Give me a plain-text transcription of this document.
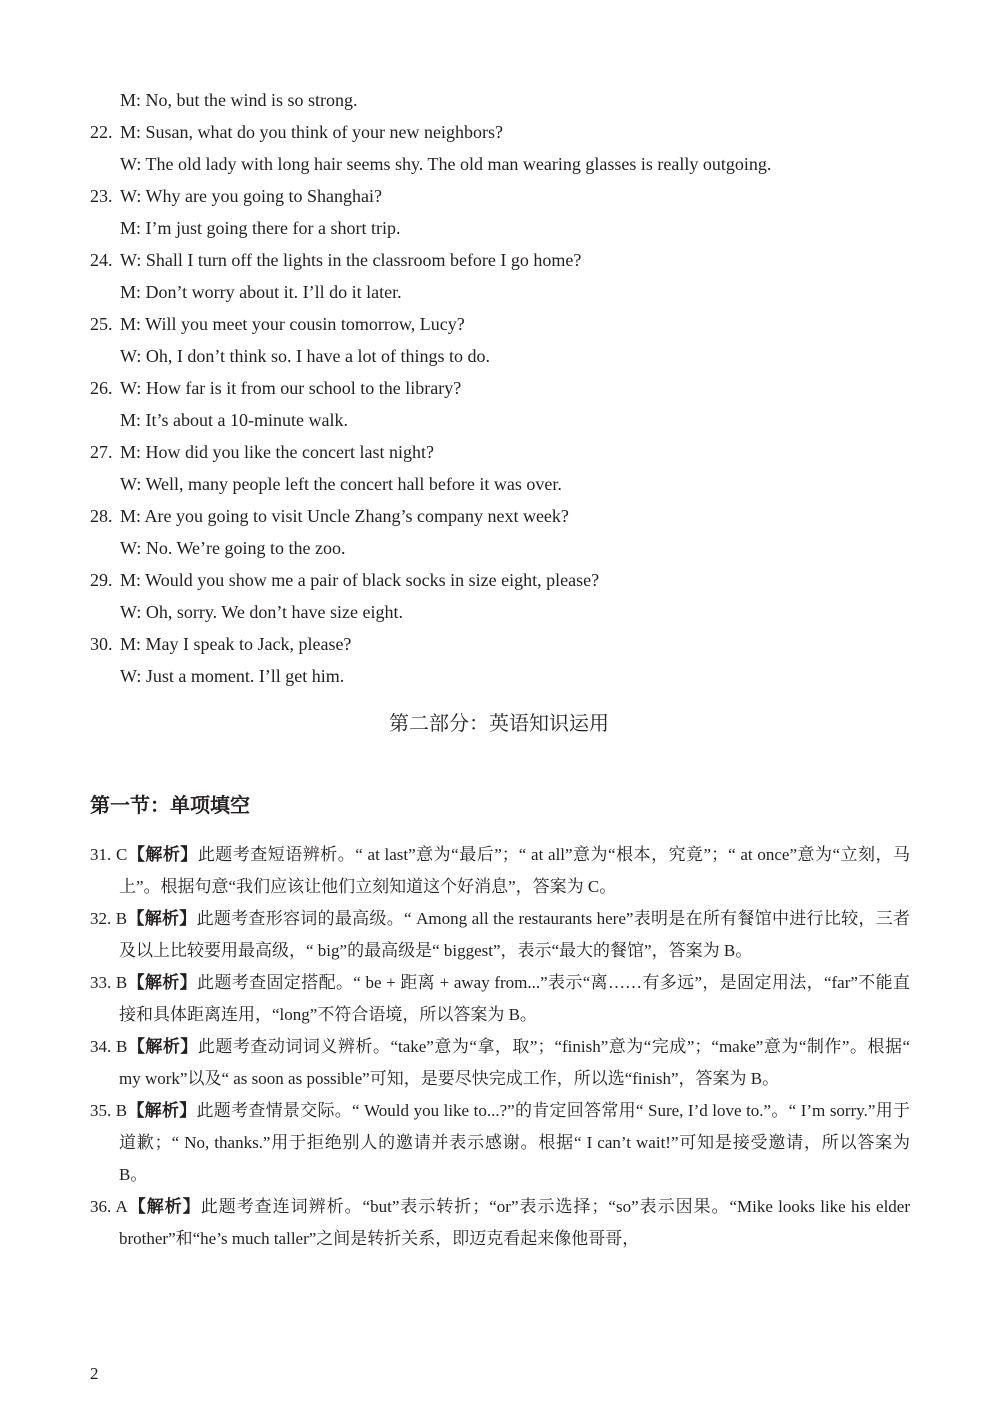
M: No, but the wind is so strong.
22. M: Susan, what do you think of your new neighbors?
W: The old lady with long hair seems shy. The old man wearing glasses is really outgoing.
23. W: Why are you going to Shanghai?
M: I’m just going there for a short trip.
24. W: Shall I turn off the lights in the classroom before I go home?
M: Don’t worry about it. I’ll do it later.
25. M: Will you meet your cousin tomorrow, Lucy?
W: Oh, I don’t think so. I have a lot of things to do.
26. W: How far is it from our school to the library?
M: It’s about a 10-minute walk.
27. M: How did you like the concert last night?
W: Well, many people left the concert hall before it was over.
28. M: Are you going to visit Uncle Zhang’s company next week?
W: No. We’re going to the zoo.
29. M: Would you show me a pair of black socks in size eight, please?
W: Oh, sorry. We don’t have size eight.
30. M: May I speak to Jack, please?
W: Just a moment. I’ll get him.
第二部分：英语知识运用
第一节：单项填空

31. C【解析】此题考查短语辨析。“ at last”意为“最后”；“ at all”意为“根本，究竟”；“ at once”意为“立刻，马上”。根据句意“我们应该让他们立刻知道这个好消息”，答案为 C。

32. B【解析】此题考查形容词的最高级。“ Among all the restaurants here”表明是在所有餐馆中进行比较，三者及以上比较要用最高级，“ big”的最高级是“ biggest”，表示“最大的餐馆”，答案为 B。

33. B【解析】此题考查固定搭配。“ be + 距离 + away from...”表示“离……有多远”，是固定用法，“far”不能直接和具体距离连用，“long”不符合语境，所以答案为 B。

34. B【解析】此题考查动词词义辨析。“take”意为“拿，取”；“finish”意为“完成”；“make”意为“制作”。根据“ my work”以及“ as soon as possible”可知，是要尽快完成工作，所以选“finish”，答案为 B。

35. B【解析】此题考查情景交际。“ Would you like to...?”的肯定回答常用“ Sure, I’d love to.”。“ I’m sorry.”用于道歉；“ No, thanks.”用于拒绝别人的邀请并表示感谢。根据“ I can’t wait!”可知是接受邀请，所以答案为 B。

36. A【解析】此题考查连词辨析。“but”表示转折；“or”表示选择；“so”表示因果。“Mike looks like his elder brother”和“he’s much taller”之间是转折关系，即迈克看起来像他哥哥，

2
